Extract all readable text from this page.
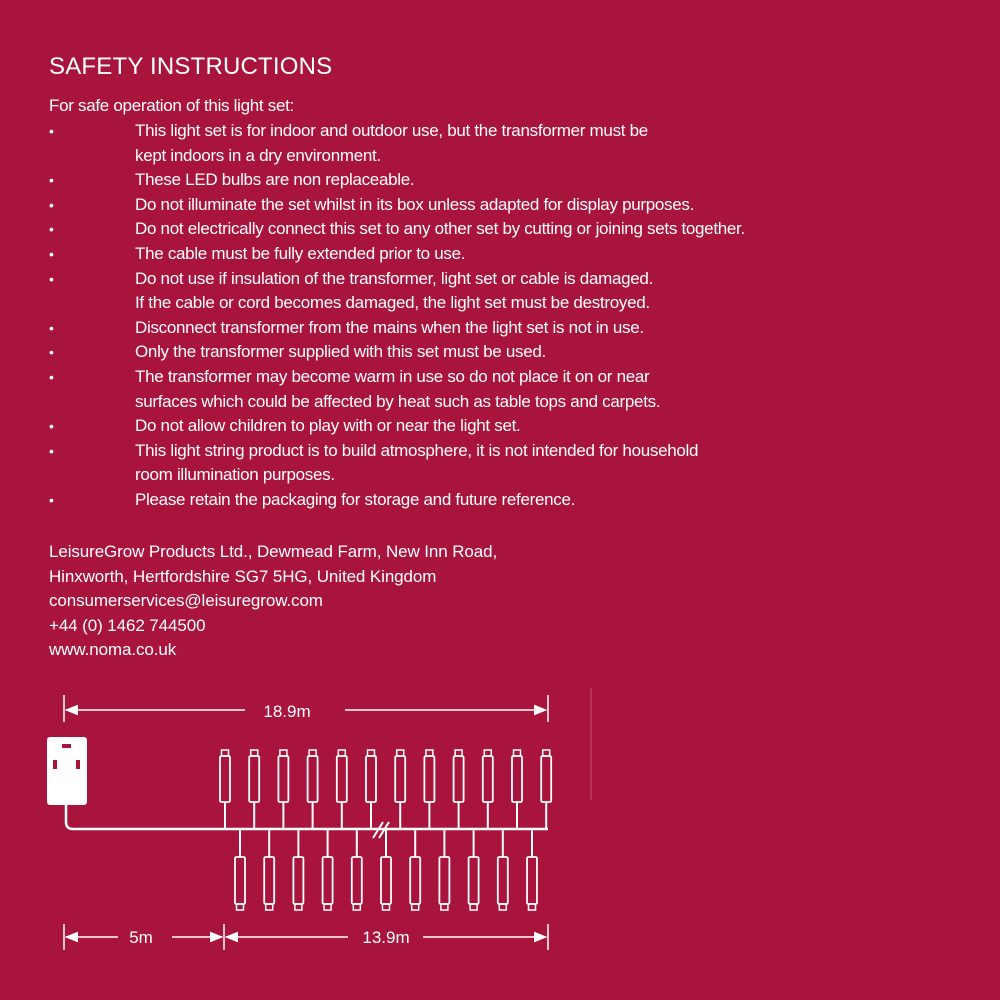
SAFETY INSTRUCTIONS
For safe operation of this light set:
•	This light set is for indoor and outdoor use, but the transformer must be
kept indoors in a dry environment.
•	These LED bulbs are non replaceable.
•	Do not illuminate the set whilst in its box unless adapted for display purposes.
•	Do not electrically connect this set to any other set by cutting or joining sets together.
•	The cable must be fully extended prior to use.
•	Do not use if insulation of the transformer, light set or cable is damaged.
If the cable or cord becomes damaged, the light set must be destroyed.
•	Disconnect transformer from the mains when the light set is not in use.
•	Only the transformer supplied with this set must be used.
•	The transformer may become warm in use so do not place it on or near
surfaces which could be affected by heat such as table tops and carpets.
•	Do not allow children to play with or near the light set.
•	This light string product is to build atmosphere, it is not intended for household
room illumination purposes.
•	Please retain the packaging for storage and future reference.
LeisureGrow Products Ltd., Dewmead Farm, New Inn Road,
Hinxworth, Hertfordshire SG7 5HG, United Kingdom
consumerservices@leisuregrow.com
+44 (0) 1462 744500
www.noma.co.uk
18.9m
5m	13.9m
